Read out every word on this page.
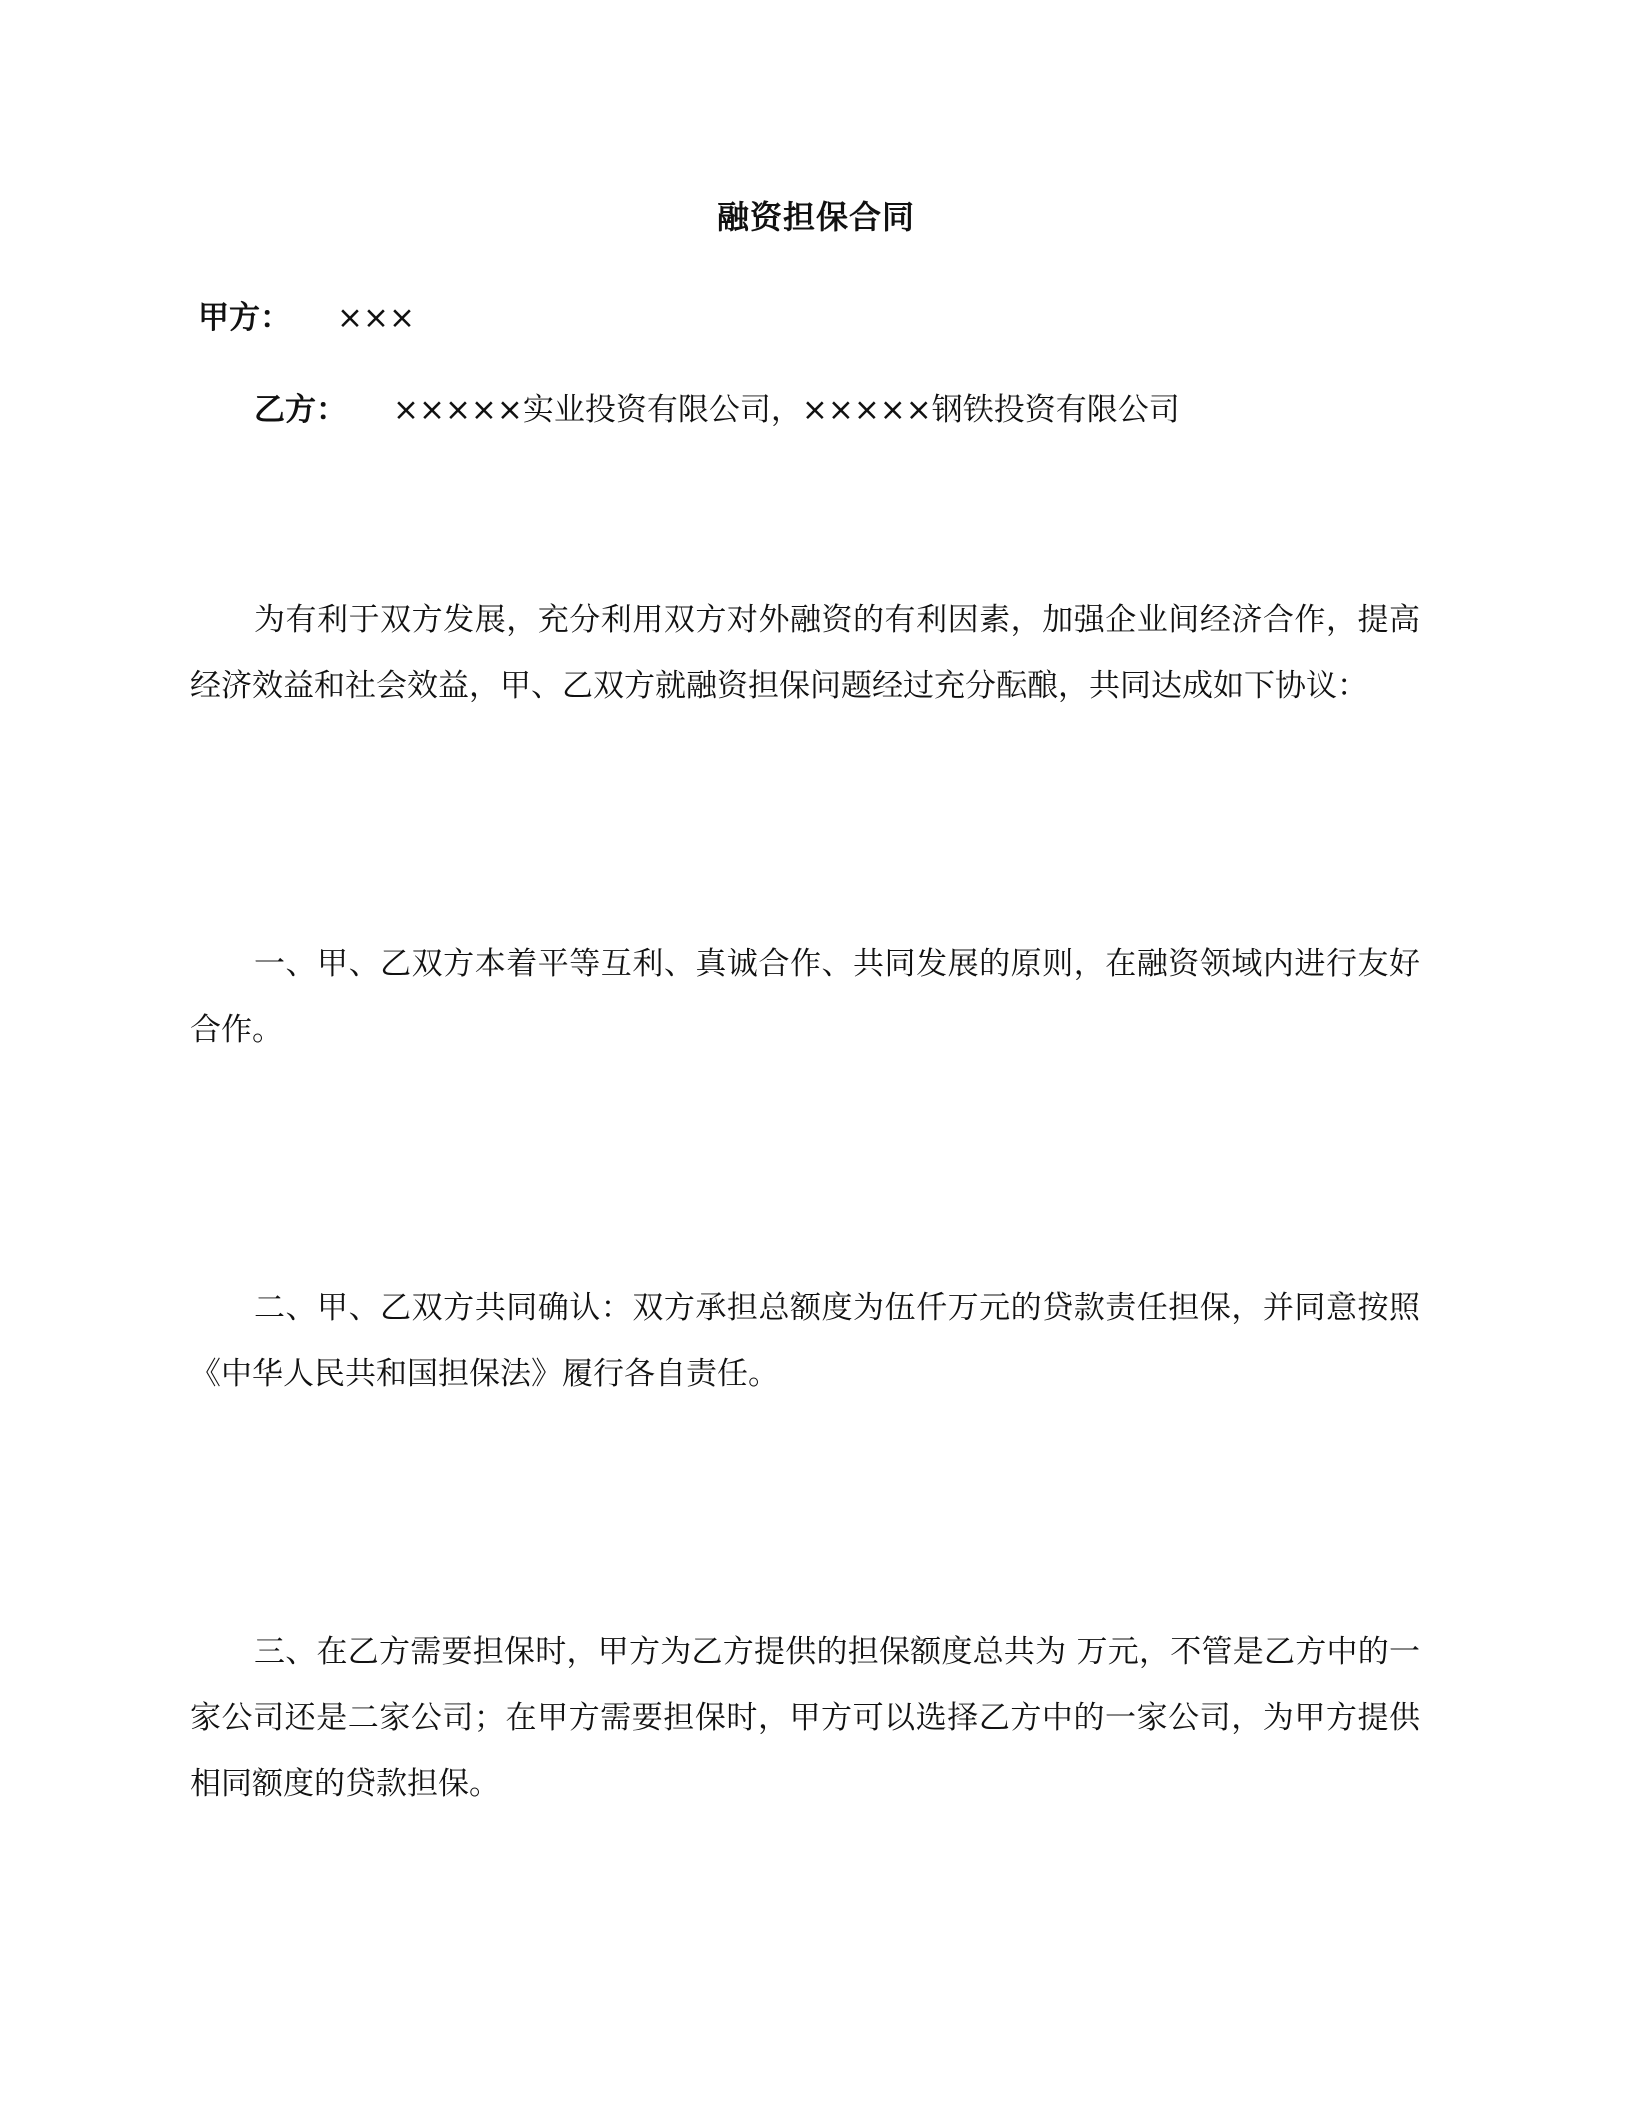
融资担保合同
甲方： ×××
乙方： ×××××实业投资有限公司，×××××钢铁投资有限公司

为有利于双方发展，充分利用双方对外融资的有利因素，加强企业间经济合作，提高经济效益和社会效益，甲、乙双方就融资担保问题经过充分酝酿，共同达成如下协议：

一、甲、乙双方本着平等互利、真诚合作、共同发展的原则，在融资领域内进行友好合作。

二、甲、乙双方共同确认：双方承担总额度为伍仟万元的贷款责任担保，并同意按照《中华人民共和国担保法》履行各自责任。

三、在乙方需要担保时，甲方为乙方提供的担保额度总共为 万元，不管是乙方中的一家公司还是二家公司；在甲方需要担保时，甲方可以选择乙方中的一家公司，为甲方提供相同额度的贷款担保。
